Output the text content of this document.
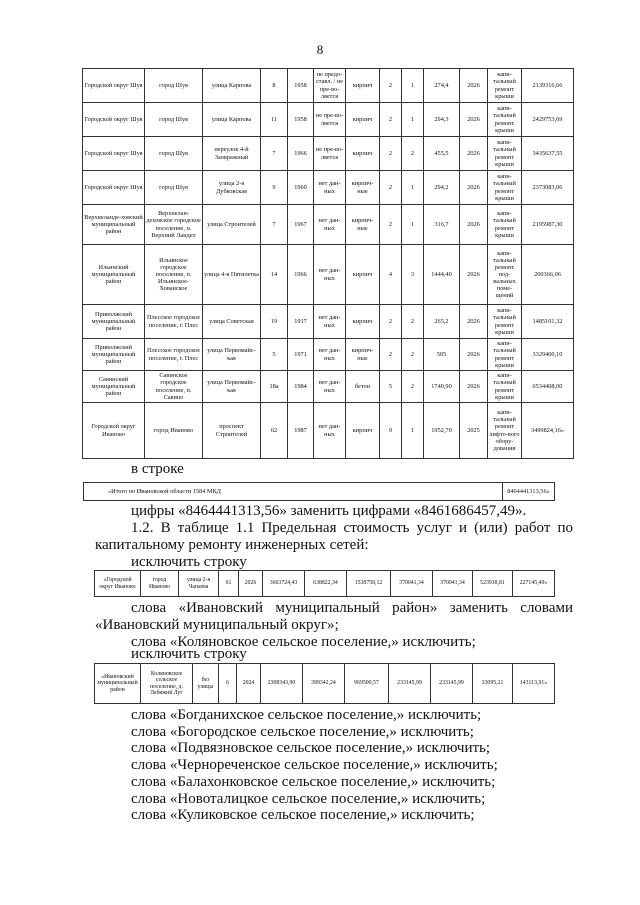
8
Городской округ Шуя	город Шуя	улица Карпова	8	1958	не предо-ставл. / не пре-во-ляется	кирпич	2	1	274,4	2026	капи-тальный ремонт крыши	2139316,66
Городской округ Шуя	город Шуя	улица Карпова	11	1958	не пре-во-ляется	кирпич	2	1	294,3	2026	капи-тальный ремонт крыши	2429753,69
Городской округ Шуя	город Шуя	переулок 4-й Заовражный	7	1966	не пре-во-ляется	кирпич	2	2	455,5	2026	капи-тальный ремонт крыши	3435637,55
Городской округ Шуя	город Шуя	улица 2-я Дубковская	9	1960	нет дан-ных	кирпич-ные	2	1	294,2	2026	капи-тальный ремонт крыши	2373083,06
Верхнеланде-ховский муниципальный район	Верхнелан-деховское городское поселение, п. Верхний Ландех	улица Строителей	7	1967	нет дан-ных	кирпич-ные	2	1	316,7	2026	капи-тальный ремонт крыши	2195987,30
Ильинский муниципальный район	Ильинское городское поселение, п. Ильинское-Хованское	улица 4-я Пятилетка	14	1966	нет дан-ных	кирпич	4	3	1444,40	2026	капи-тальный ремонт под-вальных поме-щений	200366,06
Приволжский муниципальный район	Плесское городское поселение, г. Плес	улица Советская	19	1917	нет дан-ных	кирпич	2	2	265,2	2026	капи-тальный ремонт крыши	1485101,32
Приволжский муниципальный район	Плесское городское поселение, г. Плес	улица Первомайс-кая	5	1971	нет дан-ных	кирпич-ные	2	2	505	2026	капи-тальный ремонт крыши	3329400,10
Савинский муниципальный район	Савинское городское поселение, п. Савино	улица Первомайс-кая	18а	1984	нет дан-ных	бетон	5	2	1740,90	2026	капи-тальный ремонт крыши	6534408,00
Городской округ Иваново	город Иваново	проспект Строителей	62	1987	нет дан-ных	кирпич	9	1	1952,70	2025	капи-тальный ремонт лифто-вого обору-дования	3499824,16»
в строке
«Итого по Ивановской области 1584 МКД	8464441313,56»
цифры «8464441313,56» заменить цифрами «8461686457,49».
1.2. В таблице 1.1 Предельная стоимость услуг и (или) работ по
капитальному ремонту инженерных сетей:
исключить строку
«Городской округ Иваново	город Иваново	улица 2-я Чапаева	61	2026	3663724,43	638822,34	1538758,12	370041,34	370041,34	523918,81	227145,49»
слова «Ивановский муниципальный район» заменить словами
«Ивановский муниципальный округ»;
слова «Коляновское сельское поселение,» исключить;
исключить строку
«Ивановский муниципальный район	Коляновское сельское поселение, д. Лебяжий Луг	без улицы	6	2024	2308343,90	399342,24	969500,57	233145,99	233145,99	33095,21	143113,91»
слова «Богданихское сельское поселение,» исключить;
слова «Богородское сельское поселение,» исключить;
слова «Подвязновское сельское поселение,» исключить;
слова «Чернореченское сельское поселение,» исключить;
слова «Балахонковское сельское поселение,» исключить;
слова «Новоталицкое сельское поселение,» исключить;
слова «Куликовское сельское поселение,» исключить;
